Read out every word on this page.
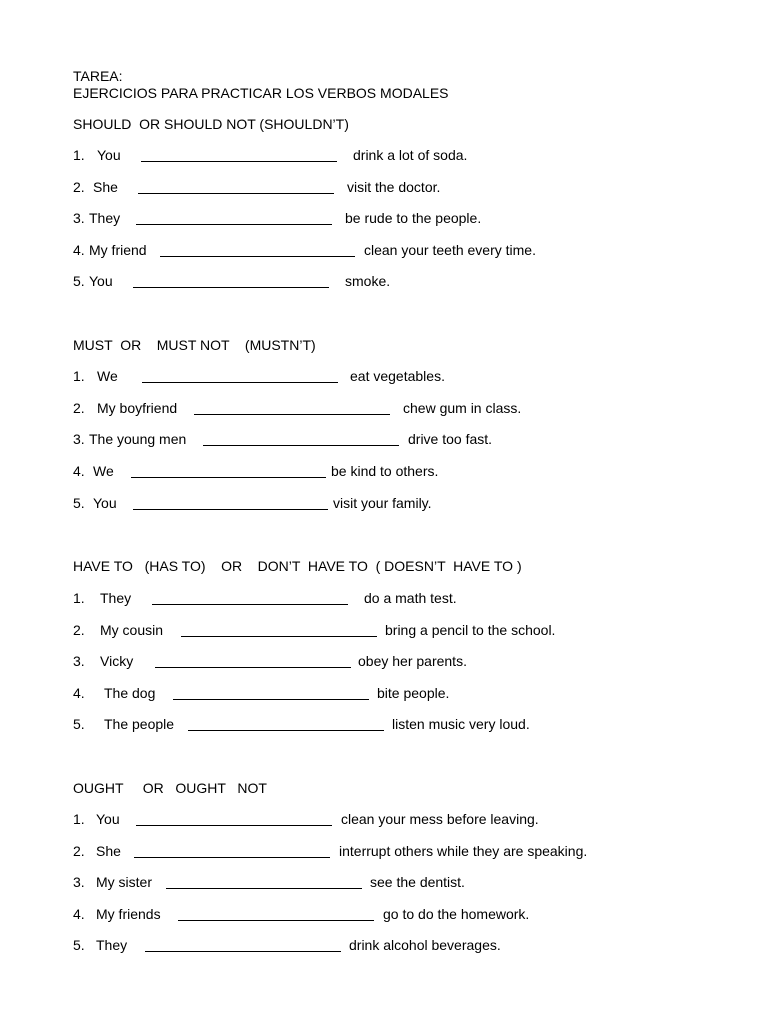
TAREA:
EJERCICIOS PARA PRACTICAR LOS VERBOS MODALES
SHOULD  OR SHOULD NOT (SHOULDN’T)
1. You	drink a lot of soda.
2. She	visit the doctor.
3. They	be rude to the people.
4. My friend	clean your teeth every time.
5. You	smoke.
MUST  OR    MUST NOT    (MUSTN’T)
1. We	eat vegetables.
2. My boyfriend	chew gum in class.
3. The young men	drive too fast.
4. We	be kind to others.
5. You	visit your family.
HAVE TO   (HAS TO)    OR    DON’T  HAVE TO  ( DOESN’T  HAVE TO )
1. They	do a math test.
2. My cousin	bring a pencil to the school.
3. Vicky	obey her parents.
4. The dog	bite people.
5. The people	listen music very loud.
OUGHT     OR   OUGHT   NOT
1. You	clean your mess before leaving.
2. She	interrupt others while they are speaking.
3. My sister	see the dentist.
4. My friends	go to do the homework.
5. They	drink alcohol beverages.
